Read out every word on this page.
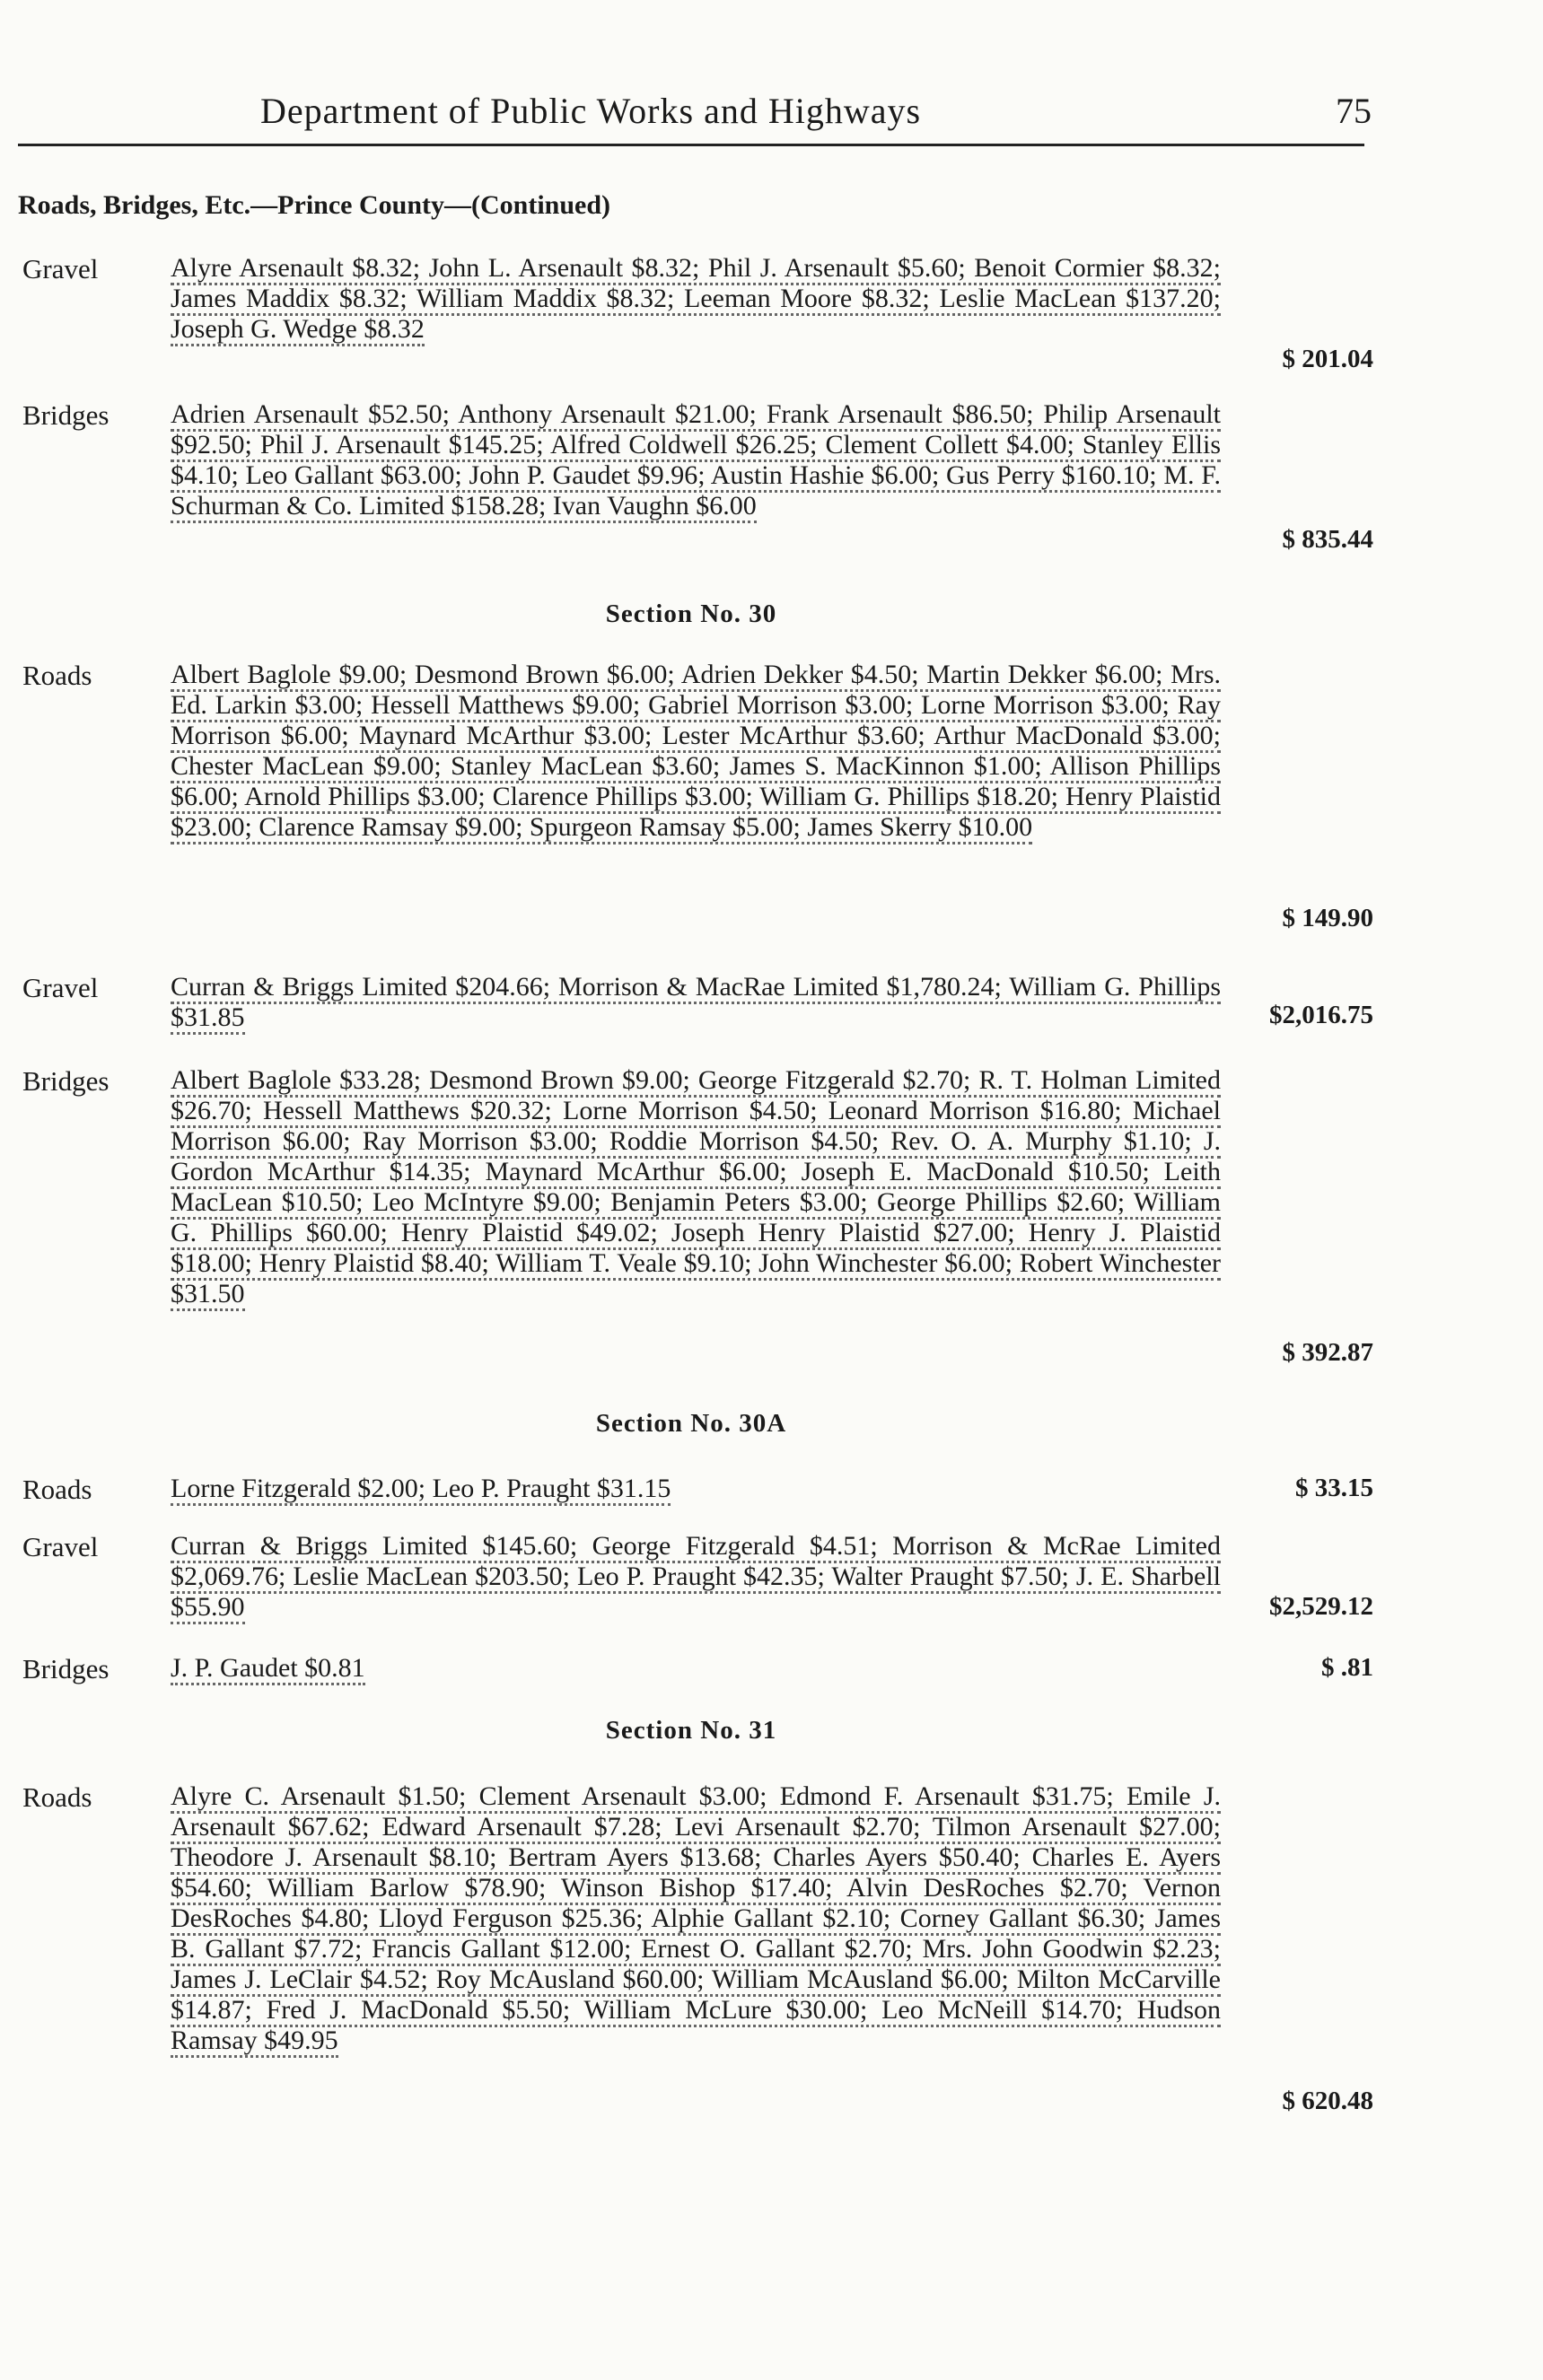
Department of Public Works and Highways	75
Roads, Bridges, Etc.—Prince County—(Continued)
Gravel	Alyre Arsenault $8.32; John L. Arsenault $8.32; Phil J. Arsenault $5.60; Benoit Cormier $8.32; James Maddix $8.32; William Maddix $8.32; Leeman Moore $8.32; Leslie MacLean $137.20; Joseph G. Wedge $8.32
$ 201.04
Bridges Adrien Arsenault $52.50; Anthony Arsenault $21.00; Frank Arsenault $86.50; Philip Arsenault $92.50; Phil J. Arsenault $145.25; Alfred Coldwell $26.25; Clement Collett $4.00; Stanley Ellis $4.10; Leo Gallant $63.00; John P. Gaudet $9.96; Austin Hashie $6.00; Gus Perry $160.10; M. F. Schurman & Co. Limited $158.28; Ivan Vaughn $6.00
$ 835.44
Section No. 30
Roads	Albert Baglole $9.00; Desmond Brown $6.00; Adrien Dekker $4.50; Martin Dekker $6.00; Mrs. Ed. Larkin $3.00; Hessell Matthews $9.00; Gabriel Morrison $3.00; Lorne Morrison $3.00; Ray Morrison $6.00; Maynard McArthur $3.00; Lester McArthur $3.60; Arthur MacDonald $3.00; Chester MacLean $9.00; Stanley MacLean $3.60; James S. MacKinnon $1.00; Allison Phillips $6.00; Arnold Phillips $3.00; Clarence Phillips $3.00; William G. Phillips $18.20; Henry Plaistid $23.00; Clarence Ramsay $9.00; Spurgeon Ramsay $5.00; James Skerry $10.00
$ 149.90
Gravel	Curran & Briggs Limited $204.66; Morrison & MacRae Limited $1,780.24; William G. Phillips $31.85	$2,016.75
Bridges Albert Baglole $33.28; Desmond Brown $9.00; George Fitzgerald $2.70; R. T. Holman Limited $26.70; Hessell Matthews $20.32; Lorne Morrison $4.50; Leonard Morrison $16.80; Michael Morrison $6.00; Ray Morrison $3.00; Roddie Morrison $4.50; Rev. O. A. Murphy $1.10; J. Gordon McArthur $14.35; Maynard McArthur $6.00; Joseph E. MacDonald $10.50; Leith MacLean $10.50; Leo McIntyre $9.00; Benjamin Peters $3.00; George Phillips $2.60; William G. Phillips $60.00; Henry Plaistid $49.02; Joseph Henry Plaistid $27.00; Henry J. Plaistid $18.00; Henry Plaistid $8.40; William T. Veale $9.10; John Winchester $6.00; Robert Winchester $31.50
$ 392.87
Section No. 30A
Roads	Lorne Fitzgerald $2.00; Leo P. Praught $31.15	$ 33.15
Gravel	Curran & Briggs Limited $145.60; George Fitzgerald $4.51; Morrison & McRae Limited $2,069.76; Leslie MacLean $203.50; Leo P. Praught $42.35; Walter Praught $7.50; J. E. Sharbell $55.90	$2,529.12
Bridges J. P. Gaudet $0.81	$ .81
Section No. 31
Roads	Alyre C. Arsenault $1.50; Clement Arsenault $3.00; Edmond F. Arsenault $31.75; Emile J. Arsenault $67.62; Edward Arsenault $7.28; Levi Arsenault $2.70; Tilmon Arsenault $27.00; Theodore J. Arsenault $8.10; Bertram Ayers $13.68; Charles Ayers $50.40; Charles E. Ayers $54.60; William Barlow $78.90; Winson Bishop $17.40; Alvin DesRoches $2.70; Vernon DesRoches $4.80; Lloyd Ferguson $25.36; Alphie Gallant $2.10; Corney Gallant $6.30; James B. Gallant $7.72; Francis Gallant $12.00; Ernest O. Gallant $2.70; Mrs. John Goodwin $2.23; James J. LeClair $4.52; Roy McAusland $60.00; William McAusland $6.00; Milton McCarville $14.87; Fred J. MacDonald $5.50; William McLure $30.00; Leo McNeill $14.70; Hudson Ramsay $49.95
$ 620.48
